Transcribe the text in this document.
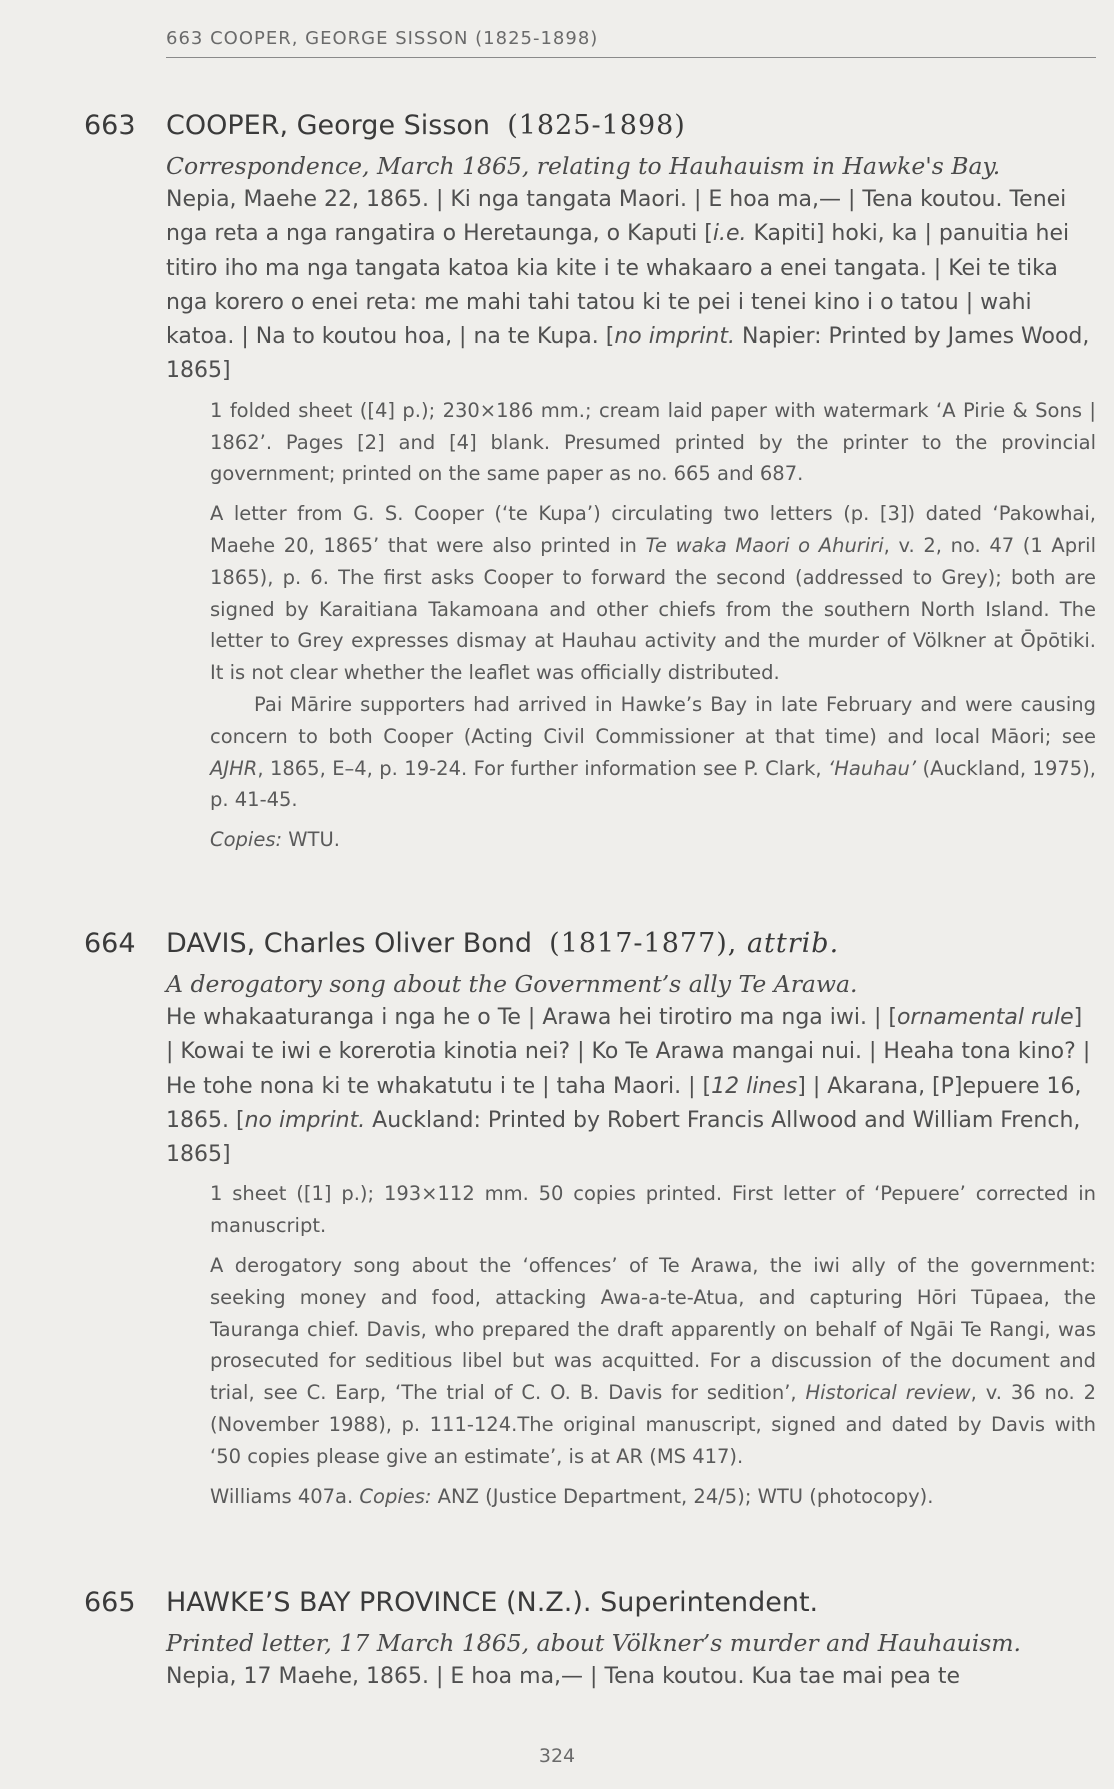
663 COOPER, GEORGE SISSON (1825-1898)
663 COOPER, George Sisson (1825-1898)
Correspondence, March 1865, relating to Hauhauism in Hawke's Bay.
Nepia, Maehe 22, 1865. | Ki nga tangata Maori. | E hoa ma,— | Tena koutou. Tenei nga reta a nga rangatira o Heretaunga, o Kaputi [i.e. Kapiti] hoki, ka | panuitia hei titiro iho ma nga tangata katoa kia kite i te whakaaro a enei tangata. | Kei te tika nga korero o enei reta: me mahi tahi tatou ki te pei i tenei kino i o tatou | wahi katoa. | Na to koutou hoa, | na te Kupa. [no imprint. Napier: Printed by James Wood, 1865]

1 folded sheet ([4] p.); 230×186 mm.; cream laid paper with watermark ‘A Pirie & Sons | 1862’. Pages [2] and [4] blank. Presumed printed by the printer to the provincial government; printed on the same paper as no. 665 and 687.

A letter from G. S. Cooper (‘te Kupa’) circulating two letters (p. [3]) dated ‘Pakowhai, Maehe 20, 1865’ that were also printed in Te waka Maori o Ahuriri, v. 2, no. 47 (1 April 1865), p. 6. The first asks Cooper to forward the second (addressed to Grey); both are signed by Karaitiana Takamoana and other chiefs from the southern North Island. The letter to Grey expresses dismay at Hauhau activity and the murder of Völkner at Ōpōtiki. It is not clear whether the leaflet was officially distributed.

Pai Mārire supporters had arrived in Hawke’s Bay in late February and were causing concern to both Cooper (Acting Civil Commissioner at that time) and local Māori; see AJHR, 1865, E–4, p. 19-24. For further information see P. Clark, ‘Hauhau’ (Auckland, 1975), p. 41-45.

Copies: WTU.

664 DAVIS, Charles Oliver Bond (1817-1877), attrib.
A derogatory song about the Government’s ally Te Arawa.
He whakaaturanga i nga he o Te | Arawa hei tirotiro ma nga iwi. | [ornamental rule] | Kowai te iwi e korerotia kinotia nei? | Ko Te Arawa mangai nui. | Heaha tona kino? | He tohe nona ki te whakatutu i te | taha Maori. | [12 lines] | Akarana, [P]epuere 16, 1865. [no imprint. Auckland: Printed by Robert Francis Allwood and William French, 1865]

1 sheet ([1] p.); 193×112 mm. 50 copies printed. First letter of ‘Pepuere’ corrected in manuscript.

A derogatory song about the ‘offences’ of Te Arawa, the iwi ally of the government: seeking money and food, attacking Awa-a-te-Atua, and capturing Hōri Tūpaea, the Tauranga chief. Davis, who prepared the draft apparently on behalf of Ngāi Te Rangi, was prosecuted for seditious libel but was acquitted. For a discussion of the document and trial, see C. Earp, ‘The trial of C. O. B. Davis for sedition’, Historical review, v. 36 no. 2 (November 1988), p. 111-124.The original manuscript, signed and dated by Davis with ‘50 copies please give an estimate’, is at AR (MS 417).

Williams 407a. Copies: ANZ (Justice Department, 24/5); WTU (photocopy).

665 HAWKE’S BAY PROVINCE (N.Z.). Superintendent.
Printed letter, 17 March 1865, about Völkner’s murder and Hauhauism.
Nepia, 17 Maehe, 1865. | E hoa ma,— | Tena koutou. Kua tae mai pea te
324
